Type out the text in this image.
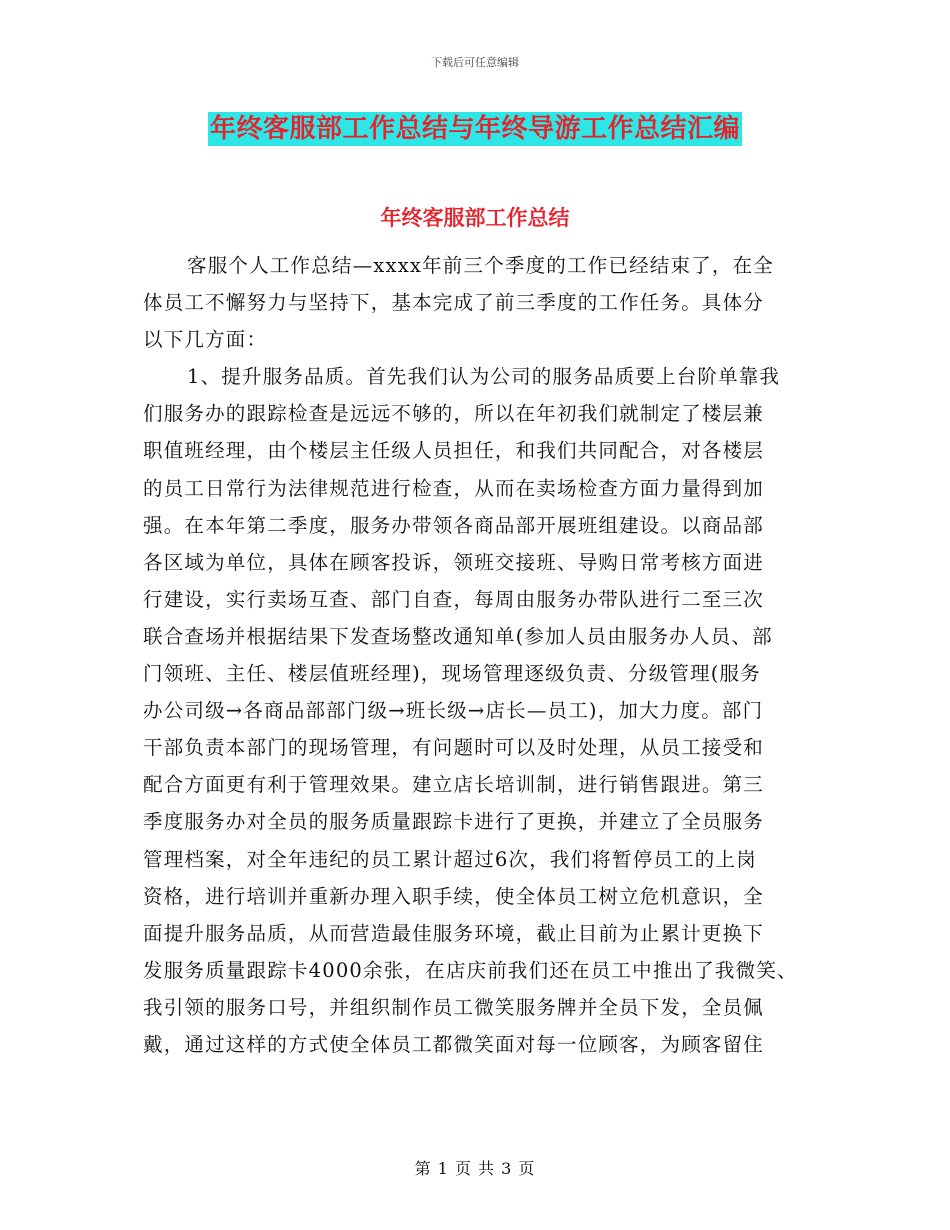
下载后可任意编辑
年终客服部工作总结与年终导游工作总结汇编
年终客服部工作总结
客服个人工作总结—xxxx年前三个季度的工作已经结束了，在全
体员工不懈努力与坚持下，基本完成了前三季度的工作任务。具体分
以下几方面：
1、提升服务品质。首先我们认为公司的服务品质要上台阶单靠我
们服务办的跟踪检查是远远不够的，所以在年初我们就制定了楼层兼
职值班经理，由个楼层主任级人员担任，和我们共同配合，对各楼层
的员工日常行为法律规范进行检查，从而在卖场检查方面力量得到加
强。在本年第二季度，服务办带领各商品部开展班组建设。以商品部
各区域为单位，具体在顾客投诉，领班交接班、导购日常考核方面进
行建设，实行卖场互查、部门自查，每周由服务办带队进行二至三次
联合查场并根据结果下发查场整改通知单(参加人员由服务办人员、部
门领班、主任、楼层值班经理)，现场管理逐级负责、分级管理(服务
办公司级→各商品部部门级→班长级→店长—员工)，加大力度。部门
干部负责本部门的现场管理，有问题时可以及时处理，从员工接受和
配合方面更有利于管理效果。建立店长培训制，进行销售跟进。第三
季度服务办对全员的服务质量跟踪卡进行了更换，并建立了全员服务
管理档案，对全年违纪的员工累计超过6次，我们将暂停员工的上岗
资格，进行培训并重新办理入职手续，使全体员工树立危机意识，全
面提升服务品质，从而营造最佳服务环境，截止目前为止累计更换下
发服务质量跟踪卡4000余张，在店庆前我们还在员工中推出了我微笑、
我引领的服务口号，并组织制作员工微笑服务牌并全员下发，全员佩
戴，通过这样的方式使全体员工都微笑面对每一位顾客，为顾客留住
第 1 页 共 3 页
